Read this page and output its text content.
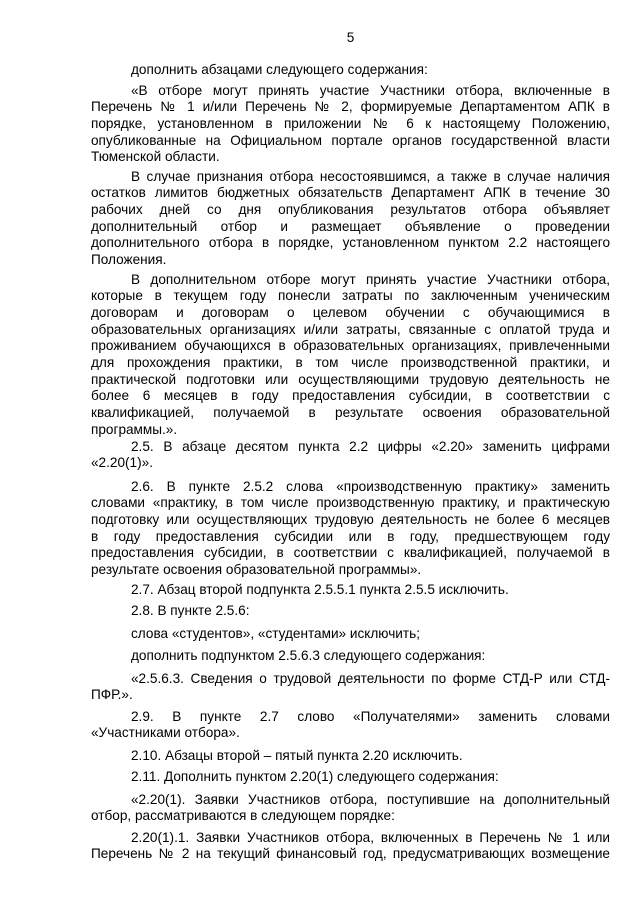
5
дополнить абзацами следующего содержания:
«В отборе могут принять участие Участники отбора, включенные в
Перечень № 1 и/или Перечень № 2, формируемые Департаментом АПК в
порядке, установленном в приложении № 6 к настоящему Положению,
опубликованные на Официальном портале органов государственной власти
Тюменской области.
В случае признания отбора несостоявшимся, а также в случае наличия
остатков лимитов бюджетных обязательств Департамент АПК в течение 30
рабочих дней со дня опубликования результатов отбора объявляет
дополнительный отбор и размещает объявление о проведении
дополнительного отбора в порядке, установленном пунктом 2.2 настоящего
Положения.
В дополнительном отборе могут принять участие Участники отбора,
которые в текущем году понесли затраты по заключенным ученическим
договорам и договорам о целевом обучении с обучающимися в
образовательных организациях и/или затраты, связанные с оплатой труда и
проживанием обучающихся в образовательных организациях, привлеченными
для прохождения практики, в том числе производственной практики, и
практической подготовки или осуществляющими трудовую деятельность не
более 6 месяцев в году предоставления субсидии, в соответствии с
квалификацией, получаемой в результате освоения образовательной
программы.».
2.5. В абзаце десятом пункта 2.2 цифры «2.20» заменить цифрами
«2.20(1)».
2.6. В пункте 2.5.2 слова «производственную практику» заменить
словами «практику, в том числе производственную практику, и практическую
подготовку или осуществляющих трудовую деятельность не более 6 месяцев
в году предоставления субсидии или в году, предшествующем году
предоставления субсидии, в соответствии с квалификацией, получаемой в
результате освоения образовательной программы».
2.7. Абзац второй подпункта 2.5.5.1 пункта 2.5.5 исключить.
2.8. В пункте 2.5.6:
слова «студентов», «студентами» исключить;
дополнить подпунктом 2.5.6.3 следующего содержания:
«2.5.6.3. Сведения о трудовой деятельности по форме СТД-Р или СТД-
ПФР.».
2.9. В пункте 2.7 слово «Получателями» заменить словами
«Участниками отбора».
2.10. Абзацы второй – пятый пункта 2.20 исключить.
2.11. Дополнить пунктом 2.20(1) следующего содержания:
«2.20(1). Заявки Участников отбора, поступившие на дополнительный
отбор, рассматриваются в следующем порядке:
2.20(1).1. Заявки Участников отбора, включенных в Перечень № 1 или
Перечень № 2 на текущий финансовый год, предусматривающих возмещение
